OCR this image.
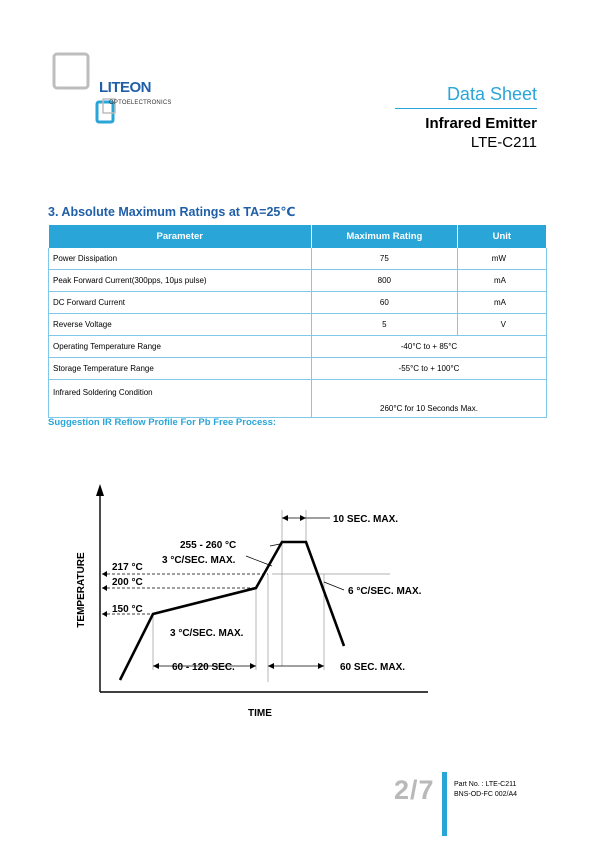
LITEON
OPTOELECTRONICS	Data Sheet
Infrared Emitter
LTE-C211
3. Absolute Maximum Ratings at TA=25℃
Parameter	Maximum Rating	Unit
Power Dissipation	75	mW
Peak Forward Current(300pps, 10μs pulse)	800	mA
DC Forward Current	60	mA
Reverse Voltage	5	V
Operating Temperature Range	-40°C to + 85°C	
Storage Temperature Range	-55°C to + 100°C	
Infrared Soldering Condition	260°C for 10 Seconds Max.	
Suggestion IR Reflow Profile For Pb Free Process:
TEMPERATURE
TIME
217 °C
200 °C
150 °C
255 - 260 °C
3 °C/SEC. MAX.
3 °C/SEC. MAX.
6 °C/SEC. MAX.
10 SEC. MAX.
60 - 120 SEC.	60 SEC. MAX.
2/7	Part No. : LTE-C211
BNS-OD-FC 002/A4
